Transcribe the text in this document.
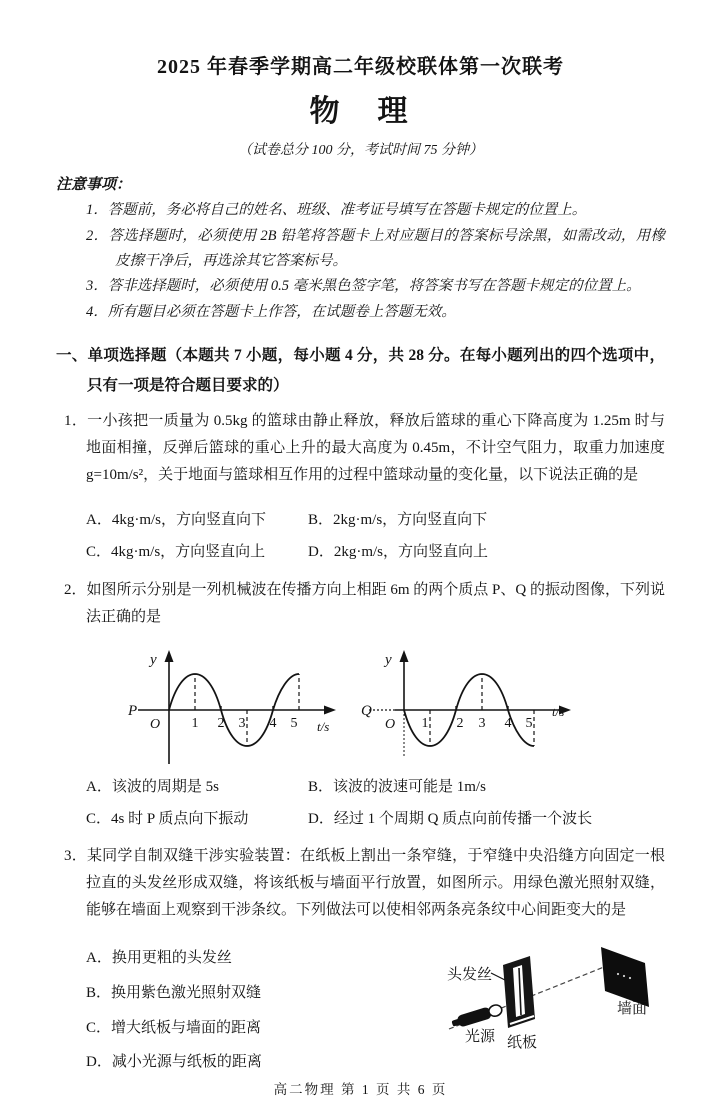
2025 年春季学期高二年级校联体第一次联考
物　理
（试卷总分 100 分，考试时间 75 分钟）
注意事项：
1．答题前，务必将自己的姓名、班级、准考证号填写在答题卡规定的位置上。
2．答选择题时，必须使用 2B 铅笔将答题卡上对应题目的答案标号涂黑，如需改动，用橡皮擦干净后，再选涂其它答案标号。
3．答非选择题时，必须使用 0.5 毫米黑色签字笔，将答案书写在答题卡规定的位置上。
4．所有题目必须在答题卡上作答，在试题卷上答题无效。
一、单项选择题（本题共 7 小题，每小题 4 分，共 28 分。在每小题列出的四个选项中，只有一项是符合题目要求的）

1．一小孩把一质量为 0.5kg 的篮球由静止释放，释放后篮球的重心下降高度为 1.25m 时与地面相撞，反弹后篮球的重心上升的最大高度为 0.45m，不计空气阻力，取重力加速度 g=10m/s²，关于地面与篮球相互作用的过程中篮球动量的变化量，以下说法正确的是

A．4kg·m/s，方向竖直向下	B．2kg·m/s，方向竖直向下
C．4kg·m/s，方向竖直向上	D．2kg·m/s，方向竖直向上

2．如图所示分别是一列机械波在传播方向上相距 6m 的两个质点 P、Q 的振动图像，下列说法正确的是

P
y
O	t/s
1 2 3 4 5
Q
y
O
t/s
1 2 3 4 5
A．该波的周期是 5s	B．该波的波速可能是 1m/s
C．4s 时 P 质点向下振动	D．经过 1 个周期 Q 质点向前传播一个波长

3．某同学自制双缝干涉实验装置：在纸板上割出一条窄缝，于窄缝中央沿缝方向固定一根拉直的头发丝形成双缝，将该纸板与墙面平行放置，如图所示。用绿色激光照射双缝，能够在墙面上观察到干涉条纹。下列做法可以使相邻两条亮条纹中心间距变大的是

A．换用更粗的头发丝
B．换用紫色激光照射双缝
C．增大纸板与墙面的距离
D．减小光源与纸板的距离
头发丝
光源 纸板
墙面
高二物理 第 1 页 共 6 页
